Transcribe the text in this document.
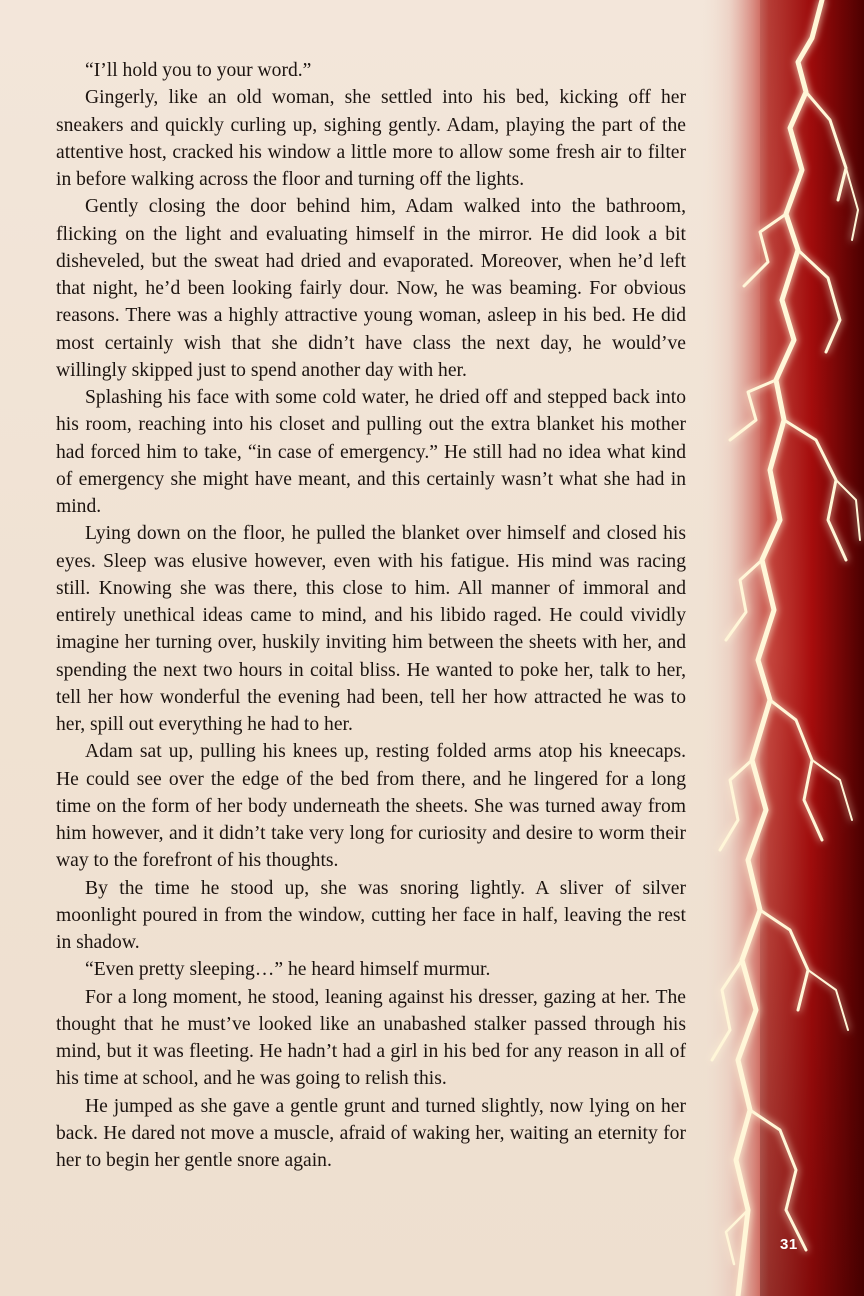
“I’ll hold you to your word.”

Gingerly, like an old woman, she settled into his bed, kicking off her sneakers and quickly curling up, sighing gently. Adam, playing the part of the attentive host, cracked his window a little more to allow some fresh air to filter in before walking across the floor and turning off the lights.

Gently closing the door behind him, Adam walked into the bathroom, flicking on the light and evaluating himself in the mirror. He did look a bit disheveled, but the sweat had dried and evaporated. Moreover, when he’d left that night, he’d been looking fairly dour. Now, he was beaming. For obvious reasons. There was a highly attractive young woman, asleep in his bed. He did most certainly wish that she didn’t have class the next day, he would’ve willingly skipped just to spend another day with her.

Splashing his face with some cold water, he dried off and stepped back into his room, reaching into his closet and pulling out the extra blanket his mother had forced him to take, “in case of emergency.” He still had no idea what kind of emergency she might have meant, and this certainly wasn’t what she had in mind.

Lying down on the floor, he pulled the blanket over himself and closed his eyes. Sleep was elusive however, even with his fatigue. His mind was racing still. Knowing she was there, this close to him. All manner of immoral and entirely unethical ideas came to mind, and his libido raged. He could vividly imagine her turning over, huskily inviting him between the sheets with her, and spending the next two hours in coital bliss. He wanted to poke her, talk to her, tell her how wonderful the evening had been, tell her how attracted he was to her, spill out everything he had to her.

Adam sat up, pulling his knees up, resting folded arms atop his kneecaps. He could see over the edge of the bed from there, and he lingered for a long time on the form of her body underneath the sheets. She was turned away from him however, and it didn’t take very long for curiosity and desire to worm their way to the forefront of his thoughts.

By the time he stood up, she was snoring lightly. A sliver of silver moonlight poured in from the window, cutting her face in half, leaving the rest in shadow.

“Even pretty sleeping…” he heard himself murmur.

For a long moment, he stood, leaning against his dresser, gazing at her. The thought that he must’ve looked like an unabashed stalker passed through his mind, but it was fleeting. He hadn’t had a girl in his bed for any reason in all of his time at school, and he was going to relish this.

He jumped as she gave a gentle grunt and turned slightly, now lying on her back. He dared not move a muscle, afraid of waking her, waiting an eternity for her to begin her gentle snore again.

31
